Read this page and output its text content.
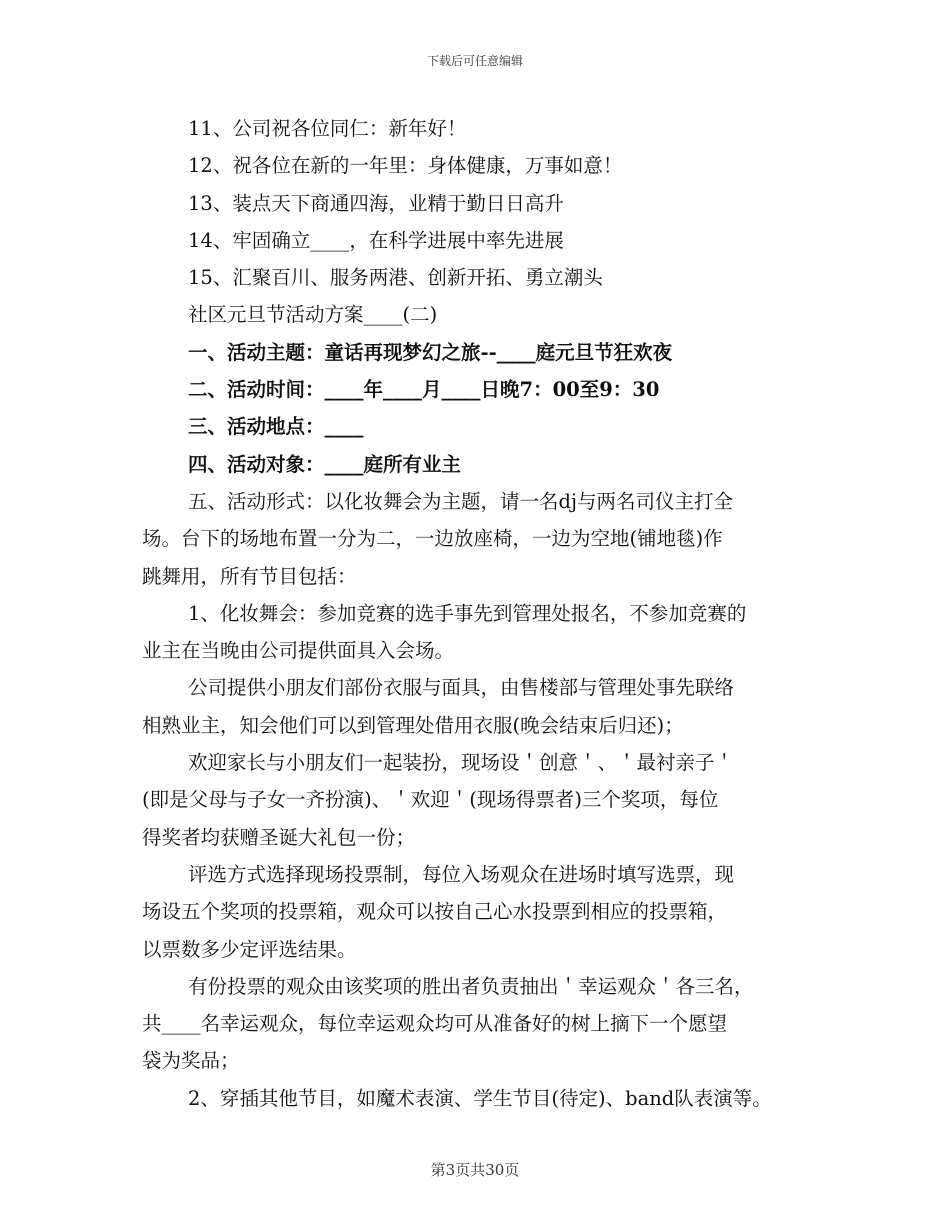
下载后可任意编辑
11、公司祝各位同仁：新年好！
12、祝各位在新的一年里：身体健康，万事如意！
13、装点天下商通四海，业精于勤日日高升
14、牢固确立____，在科学进展中率先进展
15、汇聚百川、服务两港、创新开拓、勇立潮头
社区元旦节活动方案____(二)
一、活动主题：童话再现梦幻之旅--____庭元旦节狂欢夜
二、活动时间：____年____月____日晚7：00至9：30
三、活动地点：____
四、活动对象：____庭所有业主
五、活动形式：以化妆舞会为主题，请一名dj与两名司仪主打全
场。台下的场地布置一分为二，一边放座椅，一边为空地(铺地毯)作
跳舞用，所有节目包括：
1、化妆舞会：参加竞赛的选手事先到管理处报名，不参加竞赛的
业主在当晚由公司提供面具入会场。
公司提供小朋友们部份衣服与面具，由售楼部与管理处事先联络
相熟业主，知会他们可以到管理处借用衣服(晚会结束后归还)；
欢迎家长与小朋友们一起装扮，现场设＇创意＇、＇最衬亲子＇
(即是父母与子女一齐扮演)、＇欢迎＇(现场得票者)三个奖项，每位
得奖者均获赠圣诞大礼包一份；
评选方式选择现场投票制，每位入场观众在进场时填写选票，现
场设五个奖项的投票箱，观众可以按自己心水投票到相应的投票箱，
以票数多少定评选结果。
有份投票的观众由该奖项的胜出者负责抽出＇幸运观众＇各三名，
共____名幸运观众，每位幸运观众均可从准备好的树上摘下一个愿望
袋为奖品；
2、穿插其他节目，如魔术表演、学生节目(待定)、band队表演等。
第3页共30页
